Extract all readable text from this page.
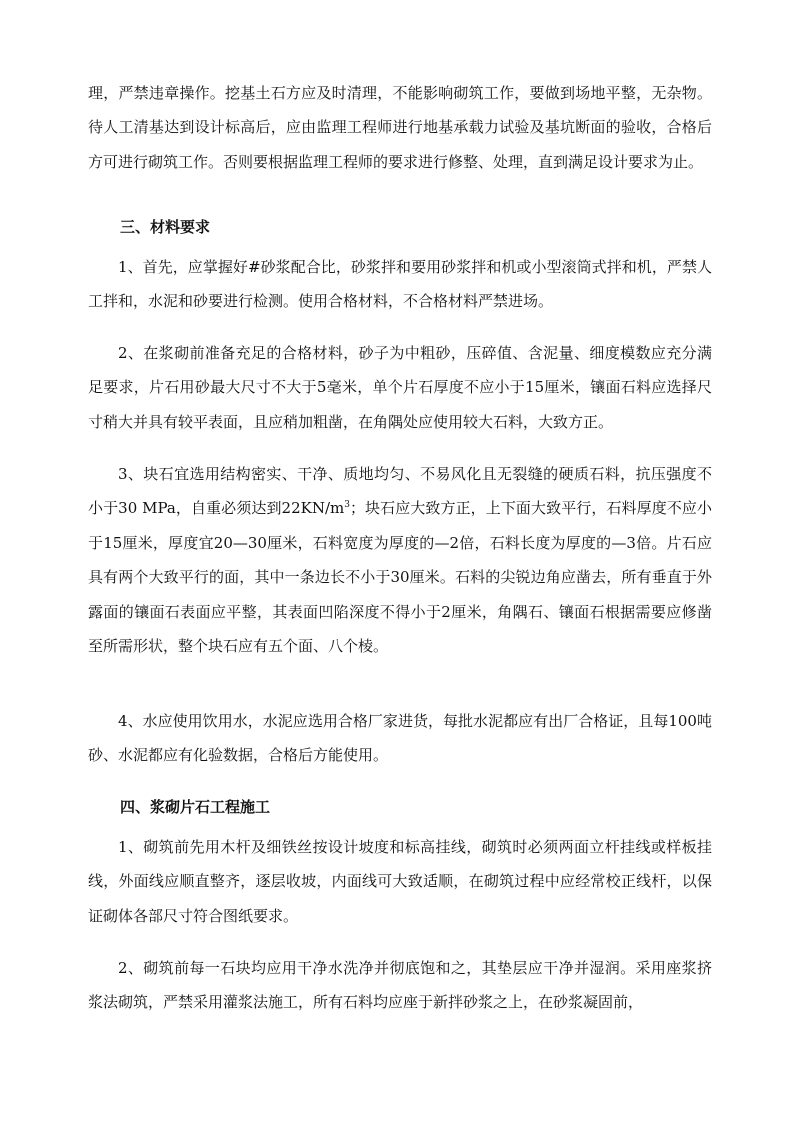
理，严禁违章操作。挖基土石方应及时清理，不能影响砌筑工作，要做到场地平整，无杂物。待人工清基达到设计标高后，应由监理工程师进行地基承载力试验及基坑断面的验收，合格后方可进行砌筑工作。否则要根据监理工程师的要求进行修整、处理，直到满足设计要求为止。

三、材料要求

1、首先，应掌握好#砂浆配合比，砂浆拌和要用砂浆拌和机或小型滚筒式拌和机，严禁人工拌和，水泥和砂要进行检测。使用合格材料，不合格材料严禁进场。

2、在浆砌前准备充足的合格材料，砂子为中粗砂，压碎值、含泥量、细度模数应充分满足要求，片石用砂最大尺寸不大于5毫米，单个片石厚度不应小于15厘米，镶面石料应选择尺寸稍大并具有较平表面，且应稍加粗凿，在角隅处应使用较大石料，大致方正。

3、块石宜选用结构密实、干净、质地均匀、不易风化且无裂缝的硬质石料，抗压强度不小于30 MPa，自重必须达到$22KN/m^3$；块石应大致方正，上下面大致平行，石料厚度不应小于15厘米，厚度宜20—30厘米，石料宽度为厚度的—2倍，石料长度为厚度的—3倍。片石应具有两个大致平行的面，其中一条边长不小于30厘米。石料的尖锐边角应凿去，所有垂直于外露面的镶面石表面应平整，其表面凹陷深度不得小于2厘米，角隅石、镶面石根据需要应修凿至所需形状，整个块石应有五个面、八个棱。

4、水应使用饮用水，水泥应选用合格厂家进货，每批水泥都应有出厂合格证，且每100吨砂、水泥都应有化验数据，合格后方能使用。

四、浆砌片石工程施工

1、砌筑前先用木杆及细铁丝按设计坡度和标高挂线，砌筑时必须两面立杆挂线或样板挂线，外面线应顺直整齐，逐层收坡，内面线可大致适顺，在砌筑过程中应经常校正线杆，以保证砌体各部尺寸符合图纸要求。

2、砌筑前每一石块均应用干净水洗净并彻底饱和之，其垫层应干净并湿润。采用座浆挤浆法砌筑，严禁采用灌浆法施工，所有石料均应座于新拌砂浆之上，在砂浆凝固前，
